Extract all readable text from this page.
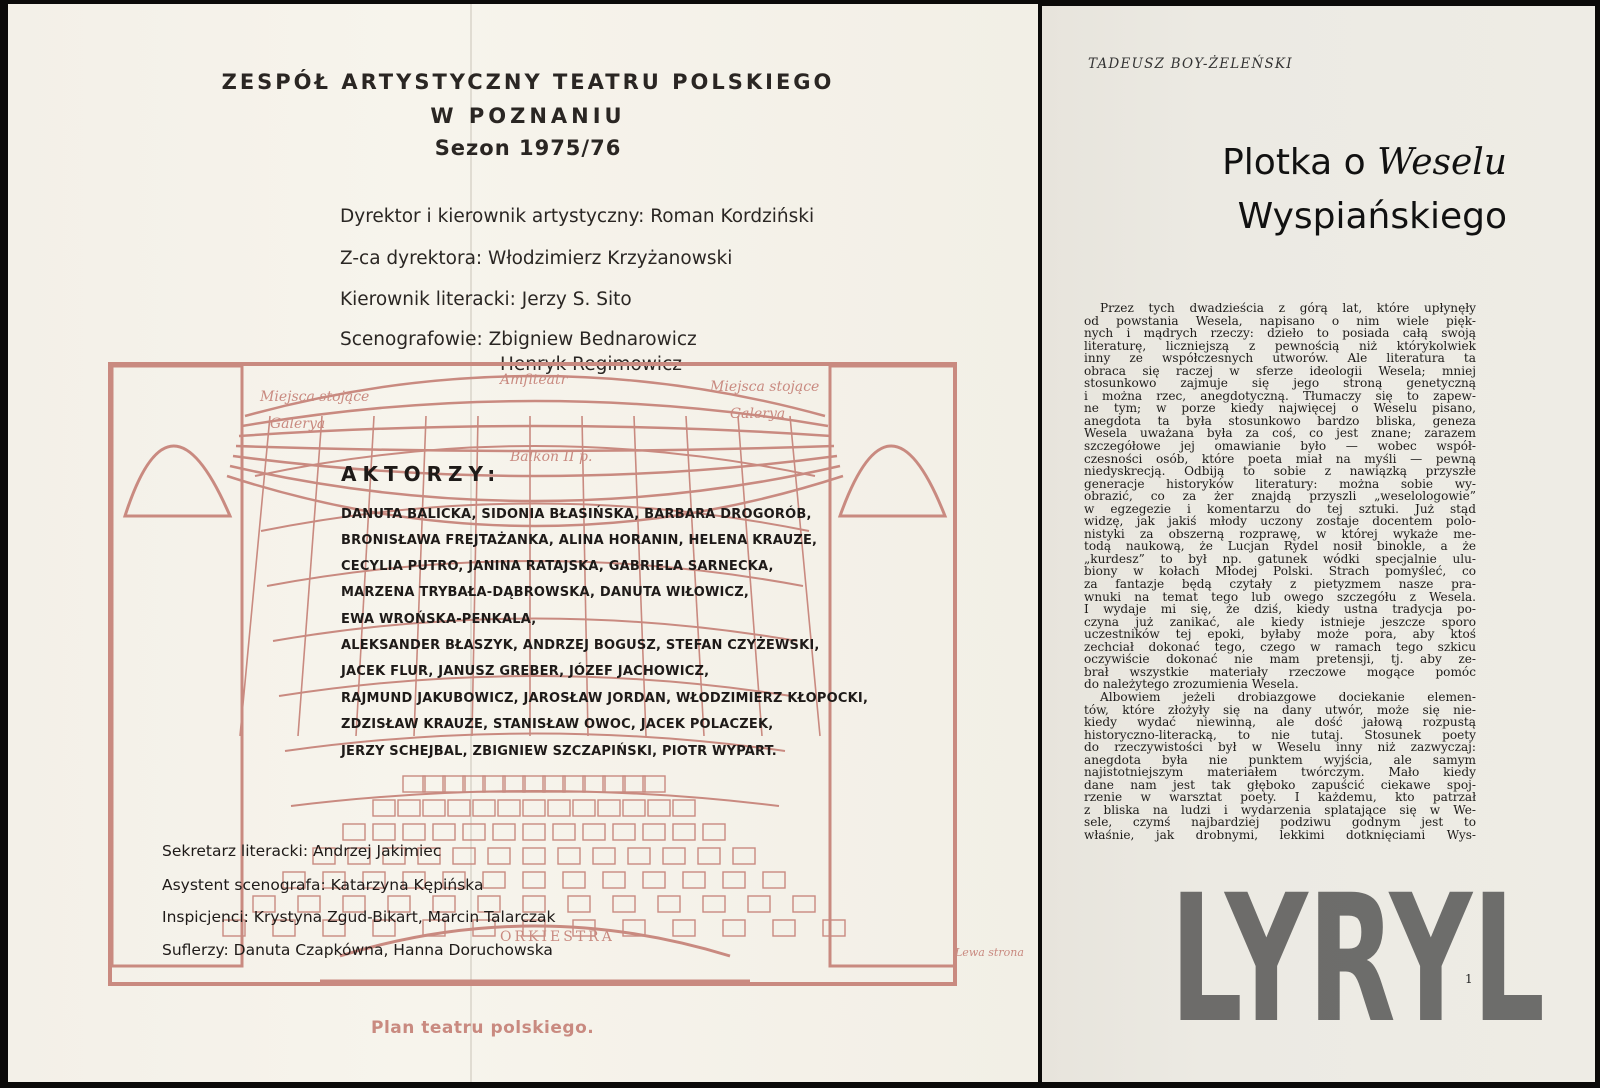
ZESPÓŁ ARTYSTYCZNY TEATRU POLSKIEGO
W POZNANIU
Sezon 1975/76
Dyrektor i kierownik artystyczny: Roman Kordziński
Z-ca dyrektora: Włodzimierz Krzyżanowski
Kierownik literacki: Jerzy S. Sito
Scenografowie: Zbigniew Bednarowicz
Henryk Regimowicz
Miejsca stojące
Galerya
Amfiteatr	Miejsca stojące
Galerya
Balkon II p.
ORKIESTRA
Lewa strona
AKTORZY:
DANUTA BALICKA, SIDONIA BŁASIŃSKA, BARBARA DROGORÓB,
BRONISŁAWA FREJTAŻANKA, ALINA HORANIN, HELENA KRAUZE,
CECYLIA PUTRO, JANINA RATAJSKA, GABRIELA SARNECKA,
MARZENA TRYBAŁA-DĄBROWSKA, DANUTA WIŁOWICZ,
EWA WROŃSKA-PENKALA,
ALEKSANDER BŁASZYK, ANDRZEJ BOGUSZ, STEFAN CZYŻEWSKI,
JACEK FLUR, JANUSZ GREBER, JÓZEF JACHOWICZ,
RAJMUND JAKUBOWICZ, JAROSŁAW JORDAN, WŁODZIMIERZ KŁOPOCKI,
ZDZISŁAW KRAUZE, STANISŁAW OWOC, JACEK POLACZEK,
JERZY SCHEJBAL, ZBIGNIEW SZCZAPIŃSKI, PIOTR WYPART.
Sekretarz literacki: Andrzej Jakimiec
Asystent scenografa: Katarzyna Kępińska
Inspicjenci: Krystyna Zgud-Bikart, Marcin Talarczak
Suflerzy: Danuta Czapkówna, Hanna Doruchowska
Plan teatru polskiego.
TADEUSZ BOY-ŻELEŃSKI
Plotka o Weselu
Wyspiańskiego
Przez tych dwadzieścia z górą lat, które upłynęły
od powstania Wesela, napisano o nim wiele pięk-
nych i mądrych rzeczy: dzieło to posiada całą swoją
literaturę, liczniejszą z pewnością niż którykolwiek
inny ze współczesnych utworów. Ale literatura ta
obraca się raczej w sferze ideologii Wesela; mniej
stosunkowo zajmuje się jego stroną genetyczną
i można rzec, anegdotyczną. Tłumaczy się to zapew-
ne tym; w porze kiedy najwięcej o Weselu pisano,
anegdota ta była stosunkowo bardzo bliska, geneza
Wesela uważana była za coś, co jest znane; zarazem
szczegółowe jej omawianie było — wobec współ-
czesności osób, które poeta miał na myśli — pewną
niedyskrecją. Odbiją to sobie z nawiązką przyszłe
generacje historyków literatury: można sobie wy-
obrazić, co za żer znajdą przyszli „weselologowie”
w egzegezie i komentarzu do tej sztuki. Już stąd
widzę, jak jakiś młody uczony zostaje docentem polo-
nistyki za obszerną rozprawę, w której wykaże me-
todą naukową, że Lucjan Rydel nosił binokle, a że
„kurdesz” to był np. gatunek wódki specjalnie ulu-
biony w kołach Młodej Polski. Strach pomyśleć, co
za fantazje będą czytały z pietyzmem nasze pra-
wnuki na temat tego lub owego szczegółu z Wesela.
I wydaje mi się, że dziś, kiedy ustna tradycja po-
czyna już zanikać, ale kiedy istnieje jeszcze sporo
uczestników tej epoki, byłaby może pora, aby ktoś
zechciał dokonać tego, czego w ramach tego szkicu
oczywiście dokonać nie mam pretensji, tj. aby ze-
brał wszystkie materiały rzeczowe mogące pomóc
do należytego zrozumienia Wesela.
Albowiem jeżeli drobiazgowe dociekanie elemen-
tów, które złożyły się na dany utwór, może się nie-
kiedy wydać niewinną, ale dość jałową rozpustą
historyczno-literacką, to nie tutaj. Stosunek poety
do rzeczywistości był w Weselu inny niż zazwyczaj:
anegdota była nie punktem wyjścia, ale samym
najistotniejszym materiałem twórczym. Mało kiedy
dane nam jest tak głęboko zapuścić ciekawe spoj-
rzenie w warsztat poety. I każdemu, kto patrzał
z bliska na ludzi i wydarzenia splatające się w We-
sele, czymś najbardziej podziwu godnym jest to
właśnie, jak drobnymi, lekkimi dotknięciami Wys-
1
LYRYL
